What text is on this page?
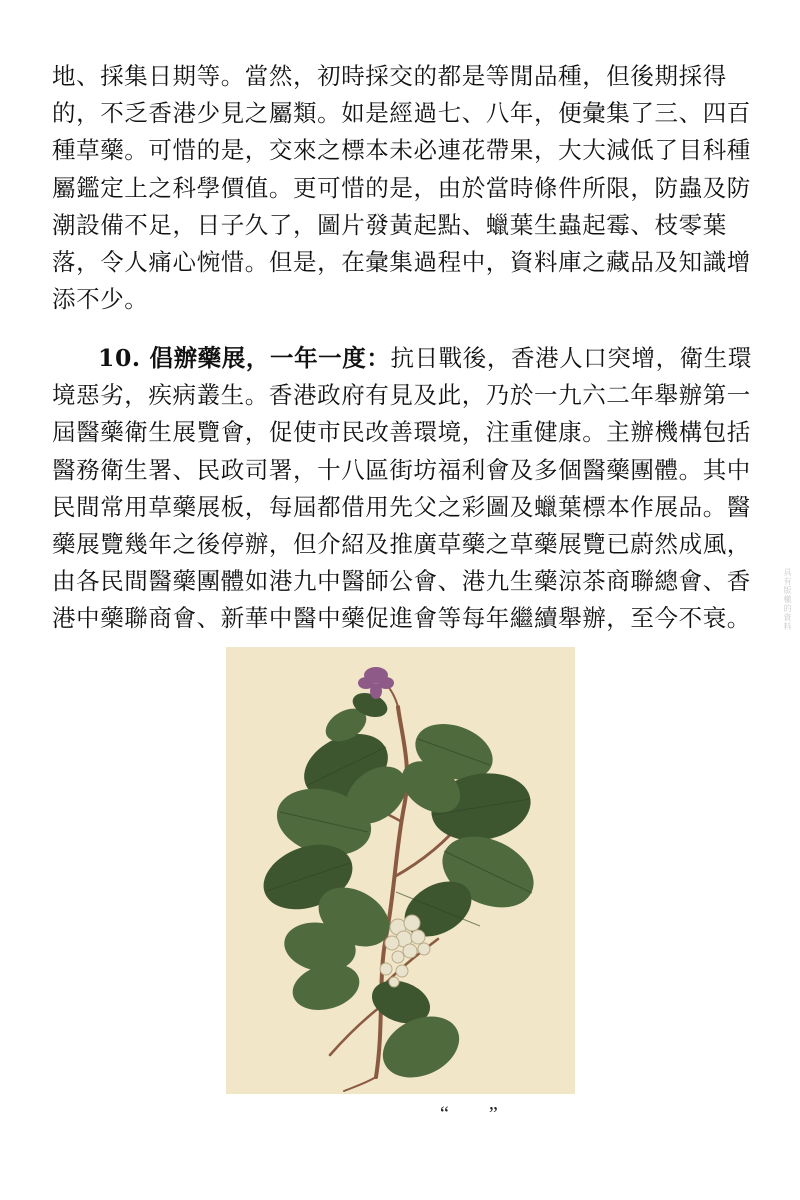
地、採集日期等。當然，初時採交的都是等閒品種，但後期採得
的，不乏香港少見之屬類。如是經過七、八年，便彙集了三、四百
種草藥。可惜的是，交來之標本未必連花帶果，大大減低了目科種
屬鑑定上之科學價值。更可惜的是，由於當時條件所限，防蟲及防
潮設備不足，日子久了，圖片發黃起點、蠟葉生蟲起霉、枝零葉
落，令人痛心惋惜。但是，在彙集過程中，資料庫之藏品及知識增
添不少。
10. 倡辦藥展，一年一度：抗日戰後，香港人口突增，衛生環
境惡劣，疾病叢生。香港政府有見及此，乃於一九六二年舉辦第一
屆醫藥衛生展覽會，促使市民改善環境，注重健康。主辦機構包括
醫務衛生署、民政司署，十八區街坊福利會及多個醫藥團體。其中
民間常用草藥展板，每屆都借用先父之彩圖及蠟葉標本作展品。醫
藥展覽幾年之後停辦，但介紹及推廣草藥之草藥展覽已蔚然成風，
由各民間醫藥團體如港九中醫師公會、港九生藥涼茶商聯總會、香
港中藥聯商會、新華中醫中藥促進會等每年繼續舉辦，至今不衰。	具有版權的資料
“        ”
